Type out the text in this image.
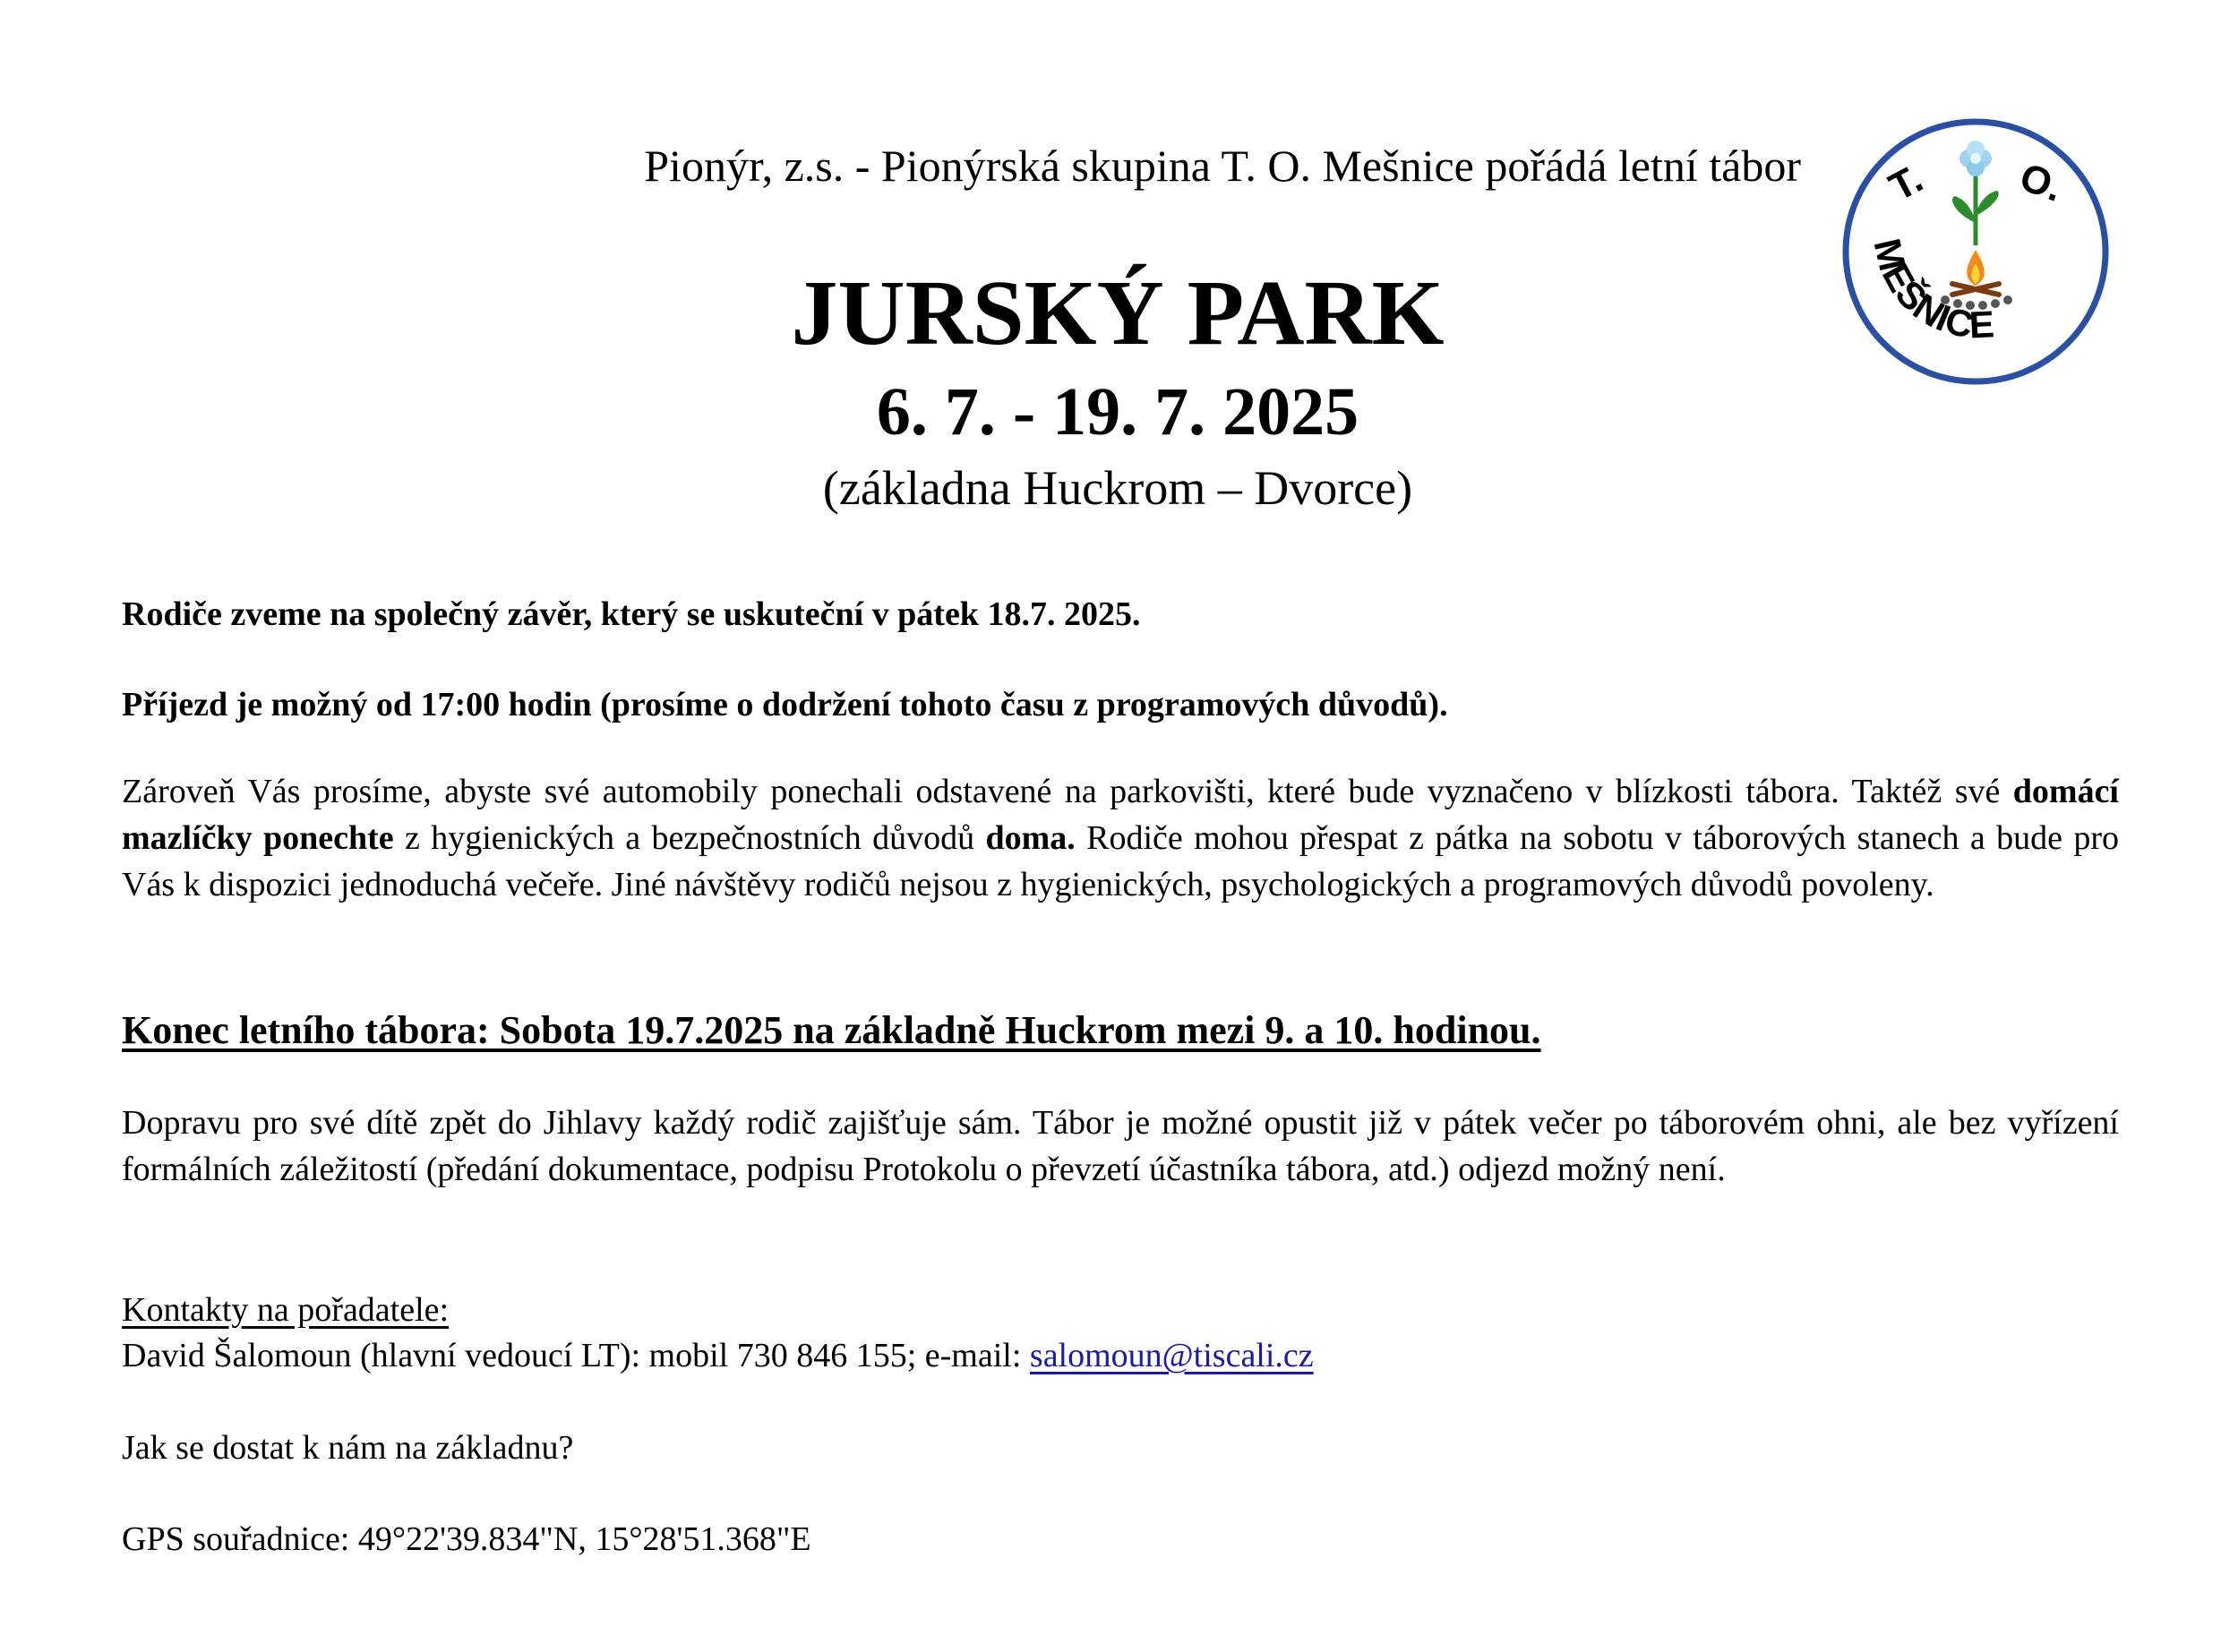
Pionýr, z.s. - Pionýrská skupina T. O. Mešnice pořádá letní tábor T. O.
MEŠNICE
JURSKÝ PARK
6. 7. - 19. 7. 2025
(základna Huckrom – Dvorce)
Rodiče zveme na společný závěr, který se uskuteční v pátek 18.7. 2025.
Příjezd je možný od 17:00 hodin (prosíme o dodržení tohoto času z programových důvodů).
Zároveň Vás prosíme, abyste své automobily ponechali odstavené na parkovišti, které bude vyznačeno v blízkosti tábora. Taktéž své domácí mazlíčky ponechte z hygienických a bezpečnostních důvodů doma. Rodiče mohou přespat z pátka na sobotu v táborových stanech a bude pro Vás k dispozici jednoduchá večeře. Jiné návštěvy rodičů nejsou z hygienických, psychologických a programových důvodů povoleny.
Konec letního tábora: Sobota 19.7.2025 na základně Huckrom mezi 9. a 10. hodinou.
Dopravu pro své dítě zpět do Jihlavy každý rodič zajišťuje sám. Tábor je možné opustit již v pátek večer po táborovém ohni, ale bez vyřízení formálních záležitostí (předání dokumentace, podpisu Protokolu o převzetí účastníka tábora, atd.) odjezd možný není.
Kontakty na pořadatele:
David Šalomoun (hlavní vedoucí LT): mobil 730 846 155; e-mail: salomoun@tiscali.cz
Jak se dostat k nám na základnu?
GPS souřadnice: 49°22'39.834"N, 15°28'51.368"E
